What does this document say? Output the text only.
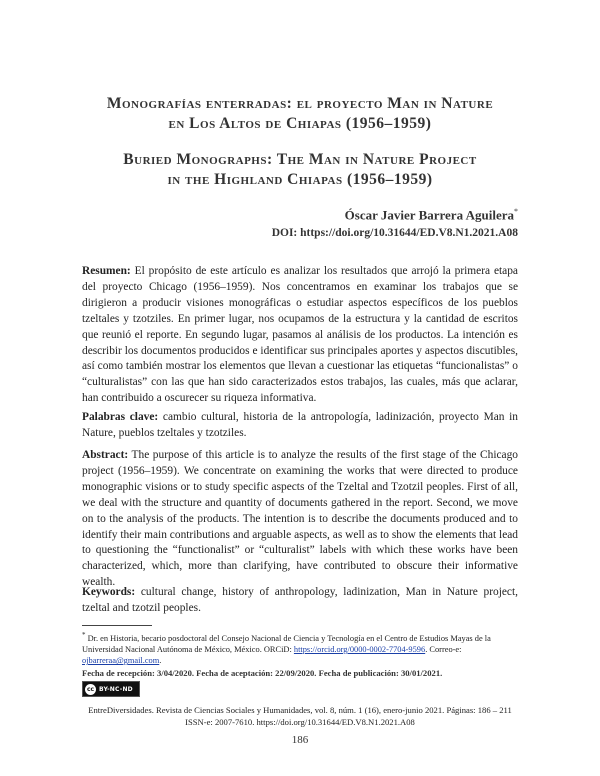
Monografías enterradas: el proyecto Man in Nature
en Los Altos de Chiapas (1956–1959)
Buried Monographs: The Man in Nature Project
in the Highland Chiapas (1956–1959)
Óscar Javier Barrera Aguilera*
DOI: https://doi.org/10.31644/ED.V8.N1.2021.A08

Resumen: El propósito de este artículo es analizar los resultados que arrojó la primera etapa del proyecto Chicago (1956–1959). Nos concentramos en examinar los trabajos que se dirigieron a producir visiones monográficas o estudiar aspectos específicos de los pueblos tzeltales y tzotziles. En primer lugar, nos ocupamos de la estructura y la cantidad de escritos que reunió el reporte. En segundo lugar, pasamos al análisis de los productos. La intención es describir los documentos producidos e identificar sus principales aportes y aspectos discutibles, así como también mostrar los elementos que llevan a cuestionar las etiquetas “funcionalistas” o “culturalistas” con las que han sido caracterizados estos trabajos, las cuales, más que aclarar, han contribuido a oscurecer su riqueza informativa.

Palabras clave: cambio cultural, historia de la antropología, ladinización, proyecto Man in Nature, pueblos tzeltales y tzotziles.

Abstract: The purpose of this article is to analyze the results of the first stage of the Chicago project (1956–1959). We concentrate on examining the works that were directed to produce monographic visions or to study specific aspects of the Tzeltal and Tzotzil peoples. First of all, we deal with the structure and quantity of documents gathered in the report. Second, we move on to the analysis of the products. The intention is to describe the documents produced and to identify their main contributions and arguable aspects, as well as to show the elements that lead to questioning the “functionalist” or “culturalist” labels with which these works have been characterized, which, more than clarifying, have contributed to obscure their informative wealth.

Keywords: cultural change, history of anthropology, ladinization, Man in Nature project, tzeltal and tzotzil peoples.

* Dr. en Historia, becario posdoctoral del Consejo Nacional de Ciencia y Tecnología en el Centro de Estudios Mayas de la Universidad Nacional Autónoma de México, México. ORCiD: https://orcid.org/0000-0002-7704-9596. Correo-e: ojbarreraa@gmail.com.

Fecha de recepción: 3/04/2020. Fecha de aceptación: 22/09/2020. Fecha de publicación: 30/01/2021.
cc BY-NC-ND
EntreDiversidades. Revista de Ciencias Sociales y Humanidades, vol. 8, núm. 1 (16), enero-junio 2021. Páginas: 186 – 211
ISSN-e: 2007-7610. https://doi.org/10.31644/ED.V8.N1.2021.A08
186
